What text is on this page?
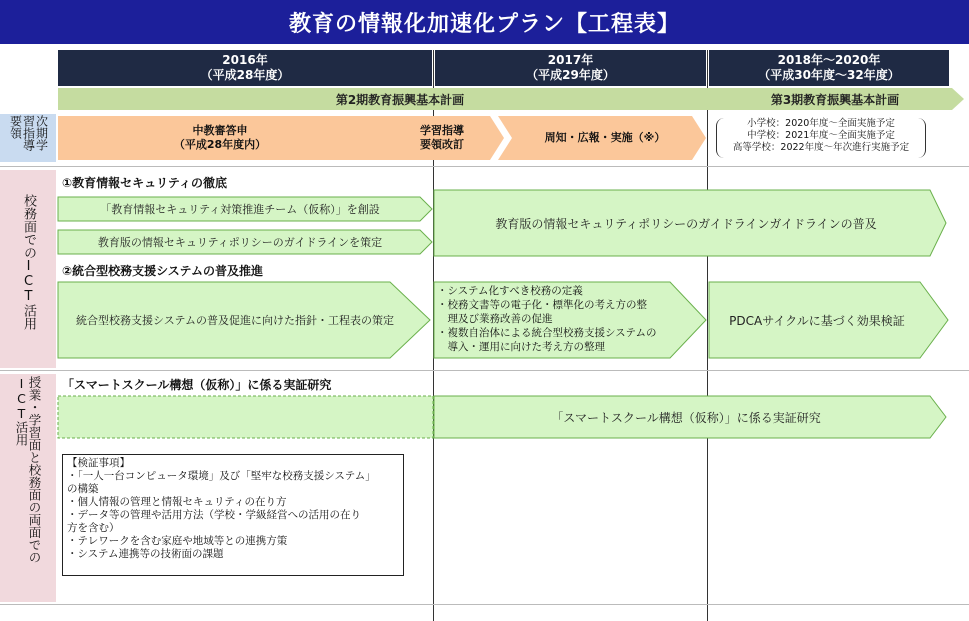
教育の情報化加速化プラン【工程表】
2016年
（平成28年度）
2017年
（平成29年度）
2018年～2020年
（平成30年度～32年度）
第2期教育振興基本計画	第3期教育振興基本計画
次期学習指導要領	中教審答申
（平成28年度内）
学習指導
要領改訂
周知・広報・実施（※）
小学校：2020年度～全面実施予定
中学校：2021年度～全面実施予定
高等学校：2022年度～年次進行実施予定
校務面でのICT活用
①教育情報セキュリティの徹底
「教育情報セキュリティ対策推進チーム（仮称）」を創設
教育版の情報セキュリティポリシーのガイドラインを策定
教育版の情報セキュリティポリシーのガイドラインガイドラインの普及
②統合型校務支援システムの普及推進
統合型校務支援システムの普及促進に向けた指針・工程表の策定
・システム化すべき校務の定義
・校務文書等の電子化・標準化の考え方の整
　理及び業務改善の促進
・複数自治体による統合型校務支援システムの
　導入・運用に向けた考え方の整理
PDCAサイクルに基づく効果検証
授業・学習面と校務面の両面でのICT活用	「スマートスクール構想（仮称）」に係る実証研究
「スマートスクール構想（仮称）」に係る実証研究
【検証事項】
・「一人一台コンピュータ環境」及び「堅牢な校務支援システム」
の構築
・個人情報の管理と情報セキュリティの在り方
・データ等の管理や活用方法（学校・学級経営への活用の在り
方を含む）
・テレワークを含む家庭や地域等との連携方策
・システム連携等の技術面の課題
